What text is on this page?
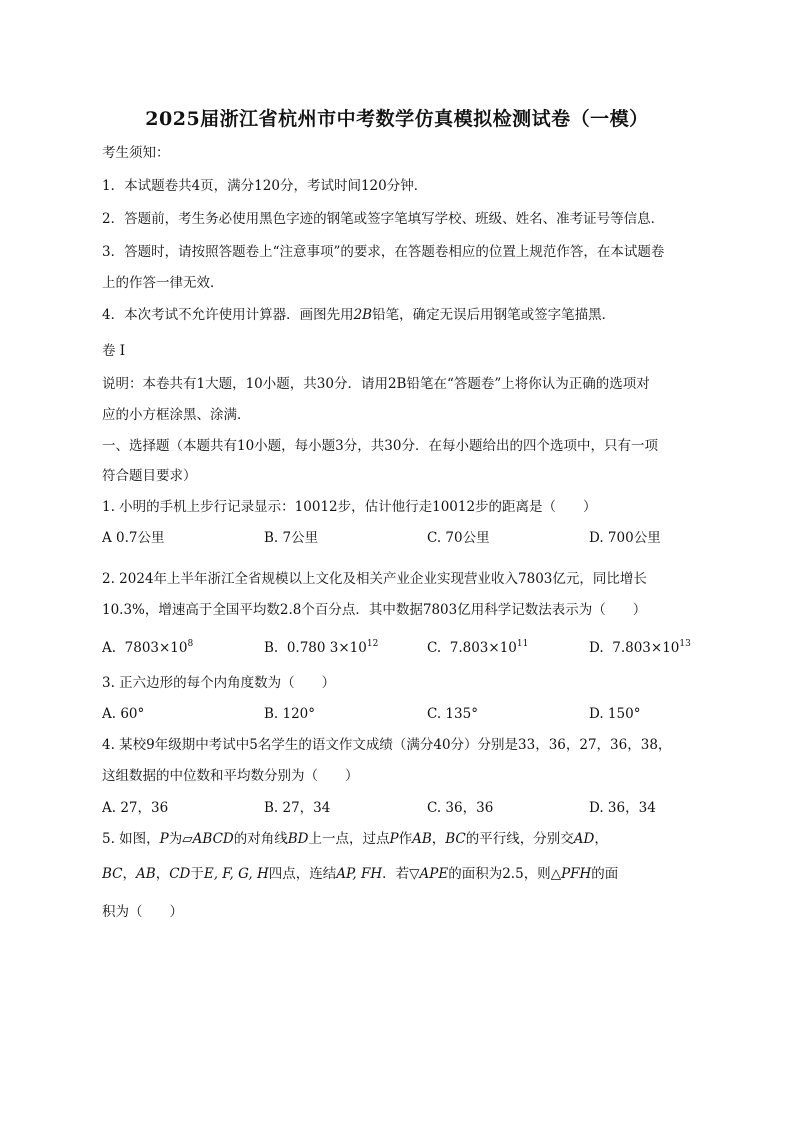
2025届浙江省杭州市中考数学仿真模拟检测试卷（一模）
考生须知：
1．本试题卷共4页，满分120分，考试时间120分钟．
2．答题前，考生务必使用黑色字迹的钢笔或签字笔填写学校、班级、姓名、准考证号等信息．
3．答题时，请按照答题卷上“注意事项”的要求，在答题卷相应的位置上规范作答，在本试题卷
上的作答一律无效．
4．本次考试不允许使用计算器．画图先用2B铅笔，确定无误后用钢笔或签字笔描黑．
卷 I
说明：本卷共有1大题，10小题，共30分．请用2B铅笔在“答题卷”上将你认为正确的选项对
应的小方框涂黑、涂满．
一、选择题（本题共有10小题，每小题3分，共30分．在每小题给出的四个选项中，只有一项
符合题目要求）
1. 小明的手机上步行记录显示：10012步，估计他行走10012步的距离是（　　）
A 0.7公里	B. 7公里	C. 70公里	D. 700公里
2. 2024年上半年浙江全省规模以上文化及相关产业企业实现营业收入7803亿元，同比增长
10.3%，增速高于全国平均数2.8个百分点．其中数据7803亿用科学记数法表示为（　　）
A. $7803\times 10^8$	B. 0.780 $3\times 10^{12}$	C. $7.803\times 10^{11}$	D. $7.803\times 10^{13}$
3. 正六边形的每个内角度数为（　　）
A. 60°	B. 120°	C. 135°	D. 150°
4. 某校9年级期中考试中5名学生的语文作文成绩（满分40分）分别是33，36，27，36，38，
这组数据的中位数和平均数分别为（　　）
A. 27，36	B. 27，34	C. 36，36	D. 36，34
5. 如图，P为▱ABCD的对角线BD上一点，过点P作AB，BC的平行线，分别交AD，
BC，AB，CD于E, F, G, H四点，连结AP, FH．若▽APE的面积为2.5，则△PFH的面
积为（　　）
